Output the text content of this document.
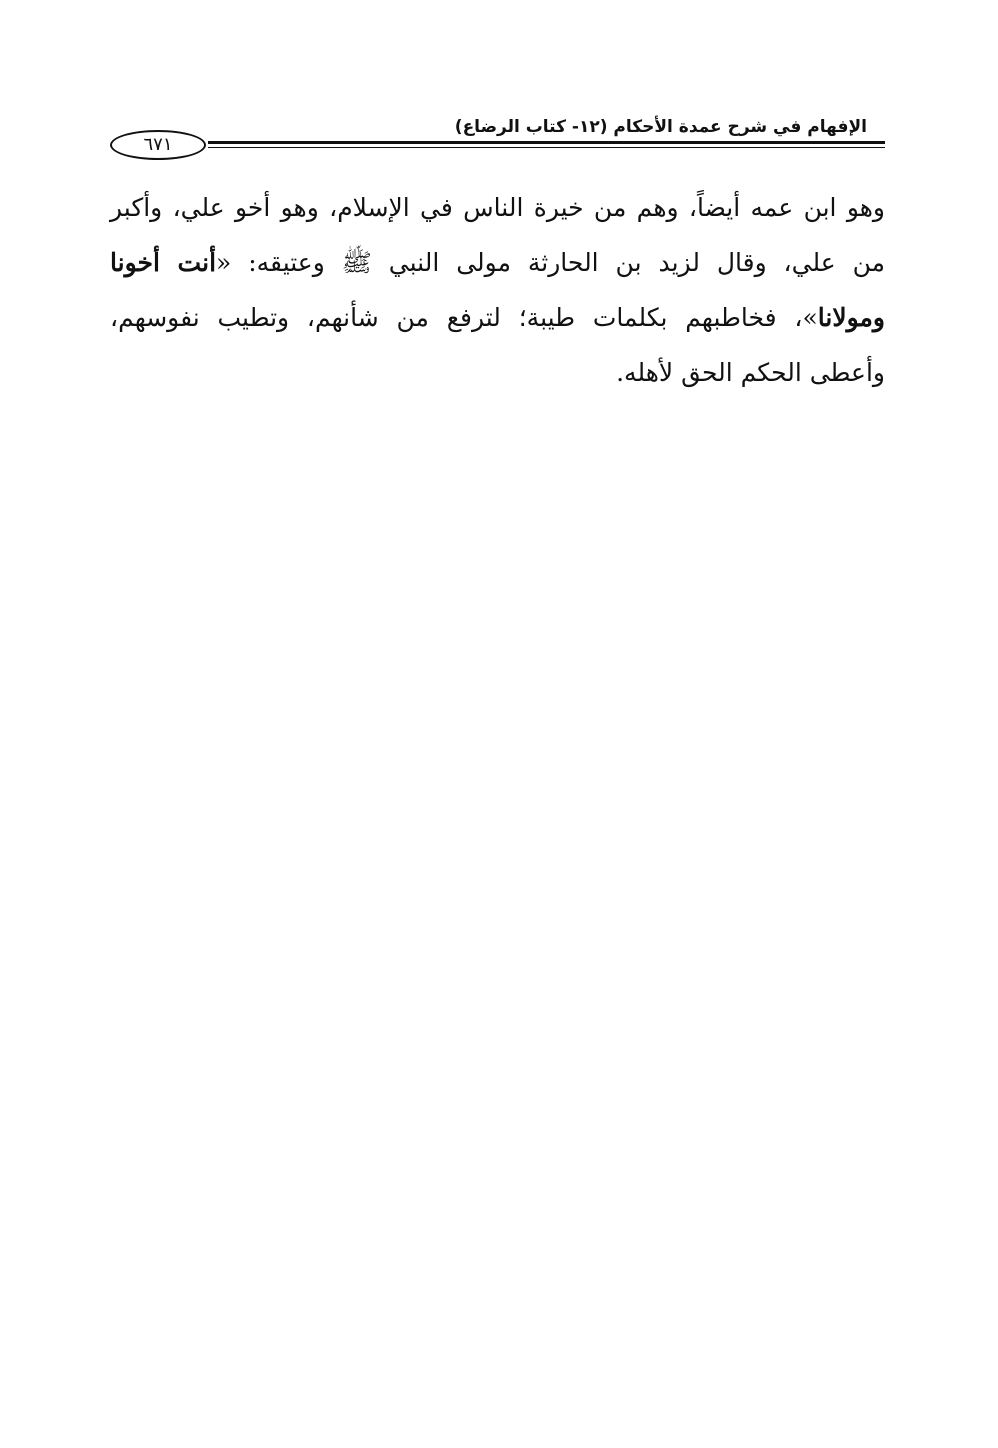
الإفهام في شرح عمدة الأحكام (١٢- كتاب الرضاع)
٦٧١

وهو ابن عمه أيضاً، وهم من خيرة الناس في الإسلام، وهو أخو علي، وأكبر من علي، وقال لزيد بن الحارثة مولى النبي ﷺ وعتيقه: «أنت أخونا ومولانا»، فخاطبهم بكلمات طيبة؛ لترفع من شأنهم، وتطيب نفوسهم، وأعطى الحكم الحق لأهله.
